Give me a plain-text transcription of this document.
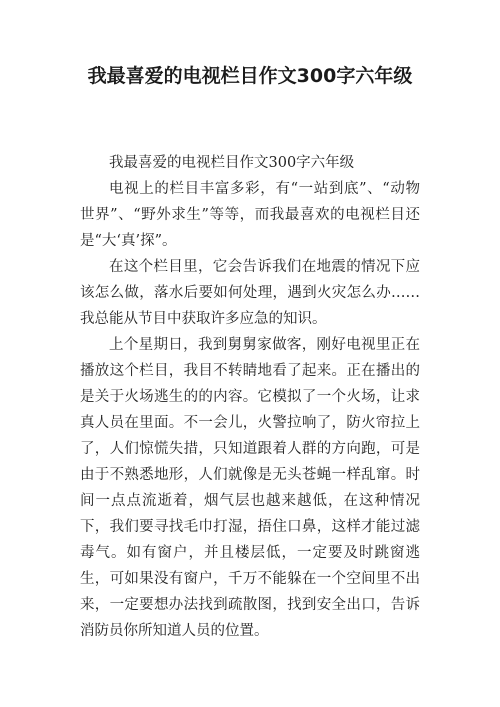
我最喜爱的电视栏目作文300字六年级

我最喜爱的电视栏目作文300字六年级

电视上的栏目丰富多彩，有“一站到底”、“动物世界”、“野外求生”等等，而我最喜欢的电视栏目还是“大‘真’探”。

在这个栏目里，它会告诉我们在地震的情况下应该怎么做，落水后要如何处理，遇到火灾怎么办……我总能从节目中获取许多应急的知识。

上个星期日，我到舅舅家做客，刚好电视里正在播放这个栏目，我目不转睛地看了起来。正在播出的是关于火场逃生的的内容。它模拟了一个火场，让求真人员在里面。不一会儿，火警拉响了，防火帘拉上了，人们惊慌失措，只知道跟着人群的方向跑，可是由于不熟悉地形，人们就像是无头苍蝇一样乱窜。时间一点点流逝着，烟气层也越来越低，在这种情况下，我们要寻找毛巾打湿，捂住口鼻，这样才能过滤毒气。如有窗户，并且楼层低，一定要及时跳窗逃生，可如果没有窗户，千万不能躲在一个空间里不出来，一定要想办法找到疏散图，找到安全出口，告诉消防员你所知道人员的位置。
